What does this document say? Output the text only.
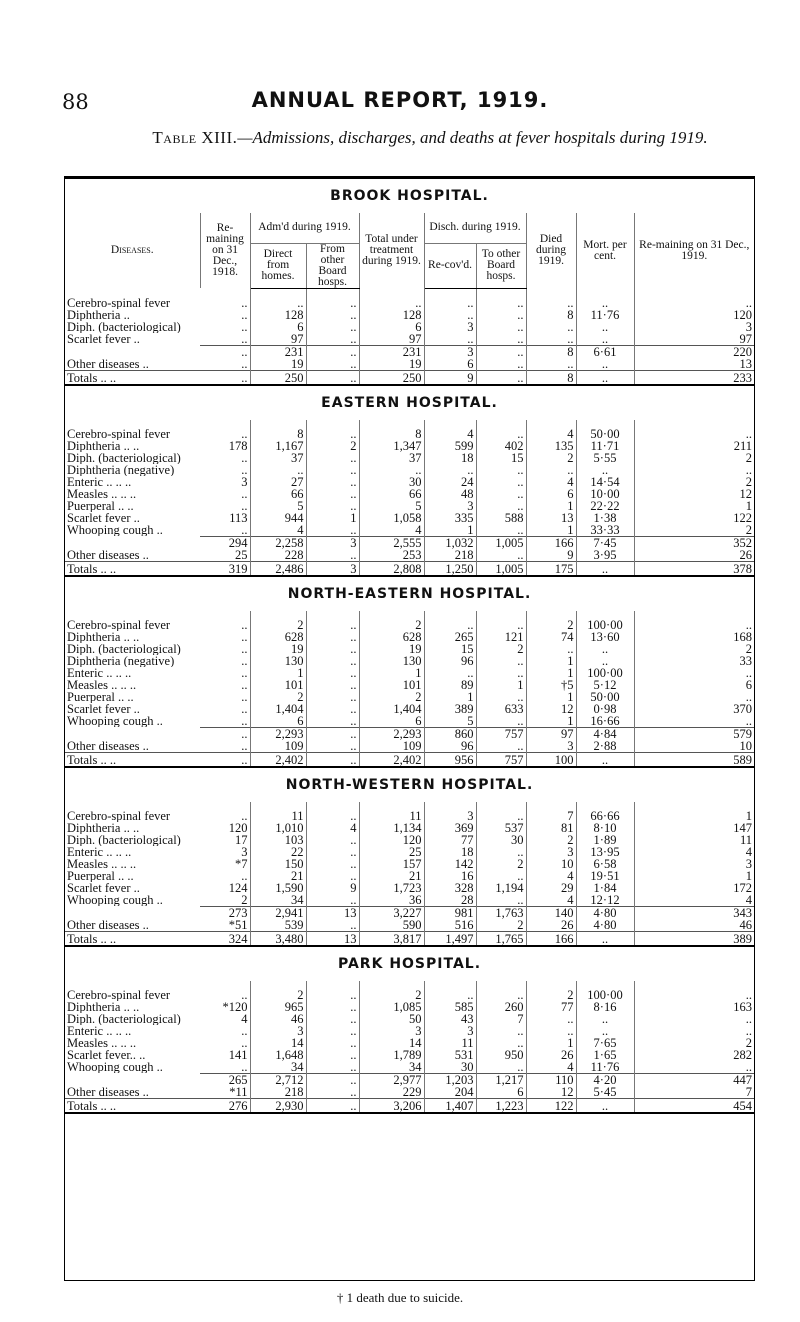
88	ANNUAL REPORT, 1919.
Table XIII.—Admissions, discharges, and deaths at fever hospitals during 1919.
BROOK HOSPITAL.									
Diseases.	Re-maining on 31 Dec., 1918.	Adm'd during 1919.		Total under treatment during 1919.	Disch. during 1919.		Died during 1919.	Mort. per cent.	Re-maining on 31 Dec., 1919.
		Direct from homes.	From other Board hosps.		Re-cov'd.	To other Board hosps.			

Cerebro-spinal fever	..	..	..	..	..	..	..	..	..
Diphtheria ..	..	128	..	128	..	..	8	11·76	120
Diph. (bacteriological)	..	6	..	6	3	..	..	..	3
Scarlet fever ..	..	97	..	97	..	..	..	..	97
	..	231	..	231	3	..	8	6·61	220
Other diseases ..	..	19	..	19	6	..	..	..	13
Totals .. ..	..	250	..	250	9	..	8	..	233
EASTERN HOSPITAL.									

Cerebro-spinal fever	..	8	..	8	4	..	4	50·00	..
Diphtheria .. ..	178	1,167	2	1,347	599	402	135	11·71	211
Diph. (bacteriological)	..	37	..	37	18	15	2	5·55	2
Diphtheria (negative)	..	..	..	..	..	..	..	..	..
Enteric .. .. ..	3	27	..	30	24	..	4	14·54	2
Measles .. .. ..	..	66	..	66	48	..	6	10·00	12
Puerperal .. ..	..	5	..	5	3	..	1	22·22	1
Scarlet fever ..	113	944	1	1,058	335	588	13	1·38	122
Whooping cough ..	..	4	..	4	1	..	1	33·33	2
	294	2,258	3	2,555	1,032	1,005	166	7·45	352
Other diseases ..	25	228	..	253	218	..	9	3·95	26
Totals .. ..	319	2,486	3	2,808	1,250	1,005	175	..	378
NORTH-EASTERN HOSPITAL.									

Cerebro-spinal fever	..	2	..	2	..	..	2	100·00	..
Diphtheria .. ..	..	628	..	628	265	121	74	13·60	168
Diph. (bacteriological)	..	19	..	19	15	2	..	..	2
Diphtheria (negative)	..	130	..	130	96	..	1	..	33
Enteric .. .. ..	..	1	..	1	..	..	1	100·00	..
Measles .. .. ..	..	101	..	101	89	1	†5	5·12	6
Puerperal .. ..	..	2	..	2	1	..	1	50·00	..
Scarlet fever ..	..	1,404	..	1,404	389	633	12	0·98	370
Whooping cough ..	..	6	..	6	5	..	1	16·66	..
	..	2,293	..	2,293	860	757	97	4·84	579
Other diseases ..	..	109	..	109	96	..	3	2·88	10
Totals .. ..	..	2,402	..	2,402	956	757	100	..	589
NORTH-WESTERN HOSPITAL.									

Cerebro-spinal fever	..	11	..	11	3	..	7	66·66	1
Diphtheria .. ..	120	1,010	4	1,134	369	537	81	8·10	147
Diph. (bacteriological)	17	103	..	120	77	30	2	1·89	11
Enteric .. .. ..	3	22	..	25	18	..	3	13·95	4
Measles .. .. ..	*7	150	..	157	142	2	10	6·58	3
Puerperal .. ..	..	21	..	21	16	..	4	19·51	1
Scarlet fever ..	124	1,590	9	1,723	328	1,194	29	1·84	172
Whooping cough ..	2	34	..	36	28	..	4	12·12	4
	273	2,941	13	3,227	981	1,763	140	4·80	343
Other diseases ..	*51	539	..	590	516	2	26	4·80	46
Totals .. ..	324	3,480	13	3,817	1,497	1,765	166	..	389
PARK HOSPITAL.									

Cerebro-spinal fever	..	2	..	2	..	..	2	100·00	..
Diphtheria .. ..	*120	965	..	1,085	585	260	77	8·16	163
Diph. (bacteriological)	4	46	..	50	43	7	..	..	..
Enteric .. .. ..	..	3	..	3	3	..	..	..	..
Measles .. .. ..	..	14	..	14	11	..	1	7·65	2
Scarlet fever.. ..	141	1,648	..	1,789	531	950	26	1·65	282
Whooping cough ..	..	34	..	34	30	..	4	11·76	..
	265	2,712	..	2,977	1,203	1,217	110	4·20	447
Other diseases ..	*11	218	..	229	204	6	12	5·45	7
Totals .. ..	276	2,930	..	3,206	1,407	1,223	122	..	454
† 1 death due to suicide.
